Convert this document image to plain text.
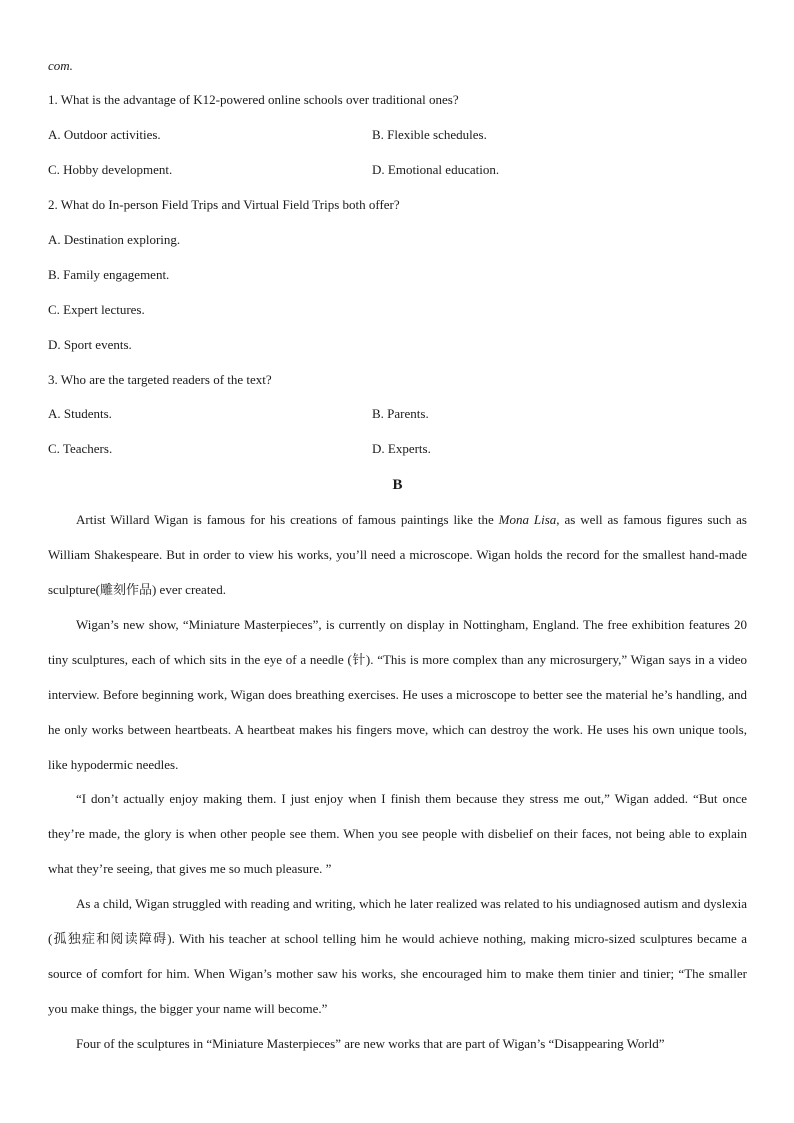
com.
1. What is the advantage of K12-powered online schools over traditional ones?
A. Outdoor activities.	B. Flexible schedules.
C. Hobby development.	D. Emotional education.
2. What do In-person Field Trips and Virtual Field Trips both offer?
A. Destination exploring.
B. Family engagement.
C. Expert lectures.
D. Sport events.
3. Who are the targeted readers of the text?
A. Students.	B. Parents.
C. Teachers.	D. Experts.
B
Artist Willard Wigan is famous for his creations of famous paintings like the Mona Lisa, as well as famous figures such as William Shakespeare. But in order to view his works, you’ll need a microscope. Wigan holds the record for the smallest hand-made sculpture(雕刻作品) ever created.
Wigan’s new show, “Miniature Masterpieces”, is currently on display in Nottingham, England. The free exhibition features 20 tiny sculptures, each of which sits in the eye of a needle (针). “This is more complex than any microsurgery,” Wigan says in a video interview. Before beginning work, Wigan does breathing exercises. He uses a microscope to better see the material he’s handling, and he only works between heartbeats. A heartbeat makes his fingers move, which can destroy the work. He uses his own unique tools, like hypodermic needles.
“I don’t actually enjoy making them. I just enjoy when I finish them because they stress me out,” Wigan added. “But once they’re made, the glory is when other people see them. When you see people with disbelief on their faces, not being able to explain what they’re seeing, that gives me so much pleasure. ”
As a child, Wigan struggled with reading and writing, which he later realized was related to his undiagnosed autism and dyslexia (孤独症和阅读障碍). With his teacher at school telling him he would achieve nothing, making micro-sized sculptures became a source of comfort for him. When Wigan’s mother saw his works, she encouraged him to make them tinier and tinier; “The smaller you make things, the bigger your name will become.”
Four of the sculptures in “Miniature Masterpieces” are new works that are part of Wigan’s “Disappearing World”
